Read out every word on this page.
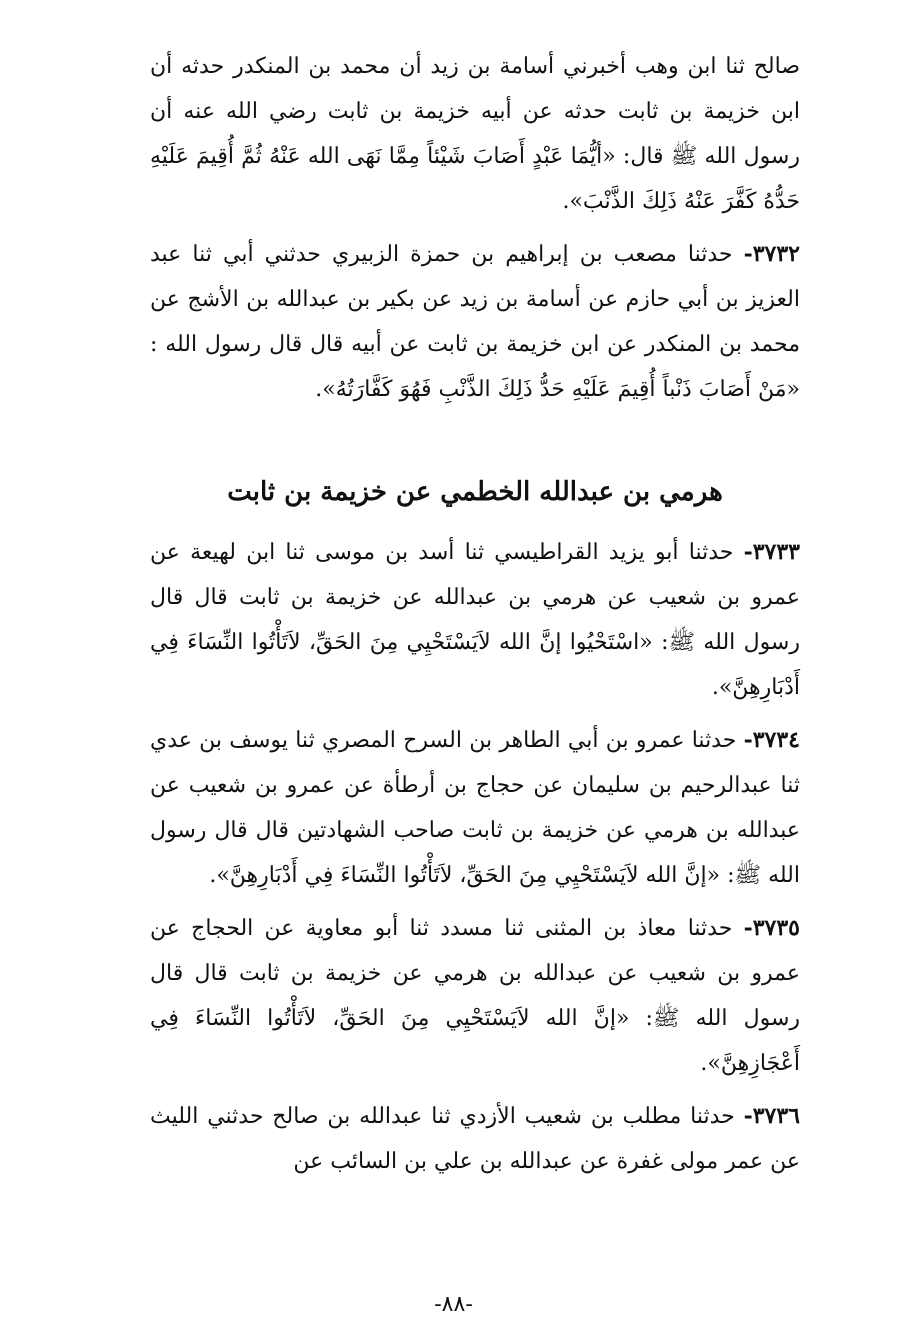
صالح ثنا ابن وهب أخبرني أسامة بن زيد أن محمد بن المنكدر حدثه أن ابن خزيمة بن ثابت حدثه عن أبيه خزيمة بن ثابت رضي الله عنه أن رسول الله ﷺ قال: «أيُّمَا عَبْدٍ أَصَابَ شَيْئاً مِمَّا نَهَى الله عَنْهُ ثُمَّ أُقِيمَ عَلَيْهِ حَدُّهُ كَفَّرَ عَنْهُ ذَلِكَ الذَّنْبَ».

٣٧٣٢- حدثنا مصعب بن إبراهيم بن حمزة الزبيري حدثني أبي ثنا عبد العزيز بن أبي حازم عن أسامة بن زيد عن بكير بن عبدالله بن الأشج عن محمد بن المنكدر عن ابن خزيمة بن ثابت عن أبيه قال قال رسول الله : «مَنْ أَصَابَ ذَنْباً أُقِيمَ عَلَيْهِ حَدُّ ذَلِكَ الذَّنْبِ فَهُوَ كَفَّارَتُهُ».

هرمي بن عبدالله الخطمي عن خزيمة بن ثابت

٣٧٣٣- حدثنا أبو يزيد القراطيسي ثنا أسد بن موسى ثنا ابن لهيعة عن عمرو بن شعيب عن هرمي بن عبدالله عن خزيمة بن ثابت قال قال رسول الله ﷺ: «اسْتَحْيُوا إنَّ الله لاَيَسْتَحْيِي مِنَ الحَقِّ، لاَتَأْتُوا النِّسَاءَ فِي أَدْبَارِهِنَّ».

٣٧٣٤- حدثنا عمرو بن أبي الطاهر بن السرح المصري ثنا يوسف بن عدي ثنا عبدالرحيم بن سليمان عن حجاج بن أرطأة عن عمرو بن شعيب عن عبدالله بن هرمي عن خزيمة بن ثابت صاحب الشهادتين قال قال رسول الله ﷺ: «إنَّ الله لاَيَسْتَحْيِي مِنَ الحَقِّ، لاَتَأْتُوا النِّسَاءَ فِي أَدْبَارِهِنَّ».

٣٧٣٥- حدثنا معاذ بن المثنى ثنا مسدد ثنا أبو معاوية عن الحجاج عن عمرو بن شعيب عن عبدالله بن هرمي عن خزيمة بن ثابت قال قال رسول الله ﷺ: «إنَّ الله لاَيَسْتَحْيِي مِنَ الحَقِّ، لاَتَأْتُوا النِّسَاءَ فِي أَعْجَازِهِنَّ».

٣٧٣٦- حدثنا مطلب بن شعيب الأزدي ثنا عبدالله بن صالح حدثني الليث عن عمر مولى غفرة عن عبدالله بن علي بن السائب عن

-٨٨-
